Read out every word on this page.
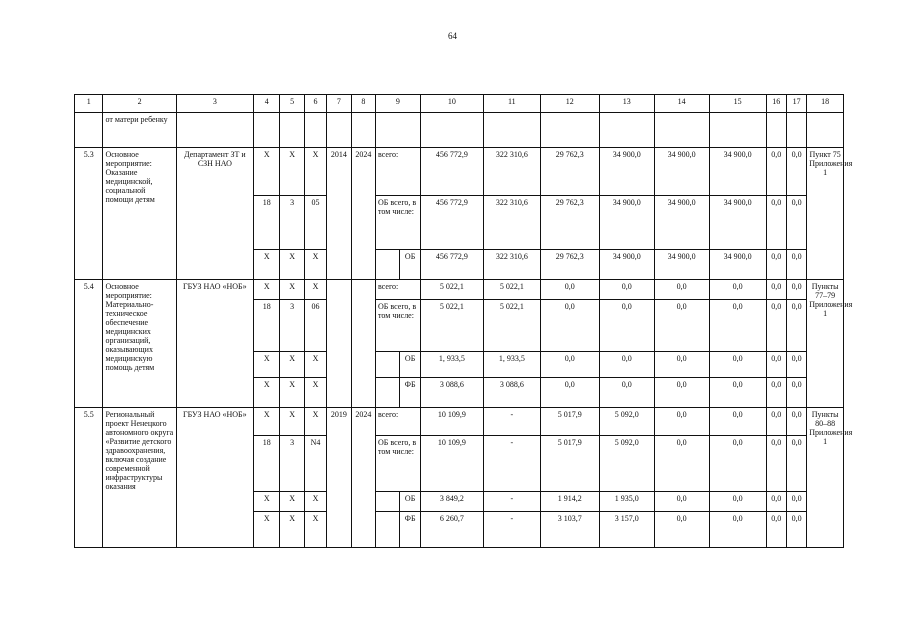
64
1	2	3	4	5	6	7	8	9		10	11	12	13	14	15	16	17	18
	от матери ребенку																	
5.3	Основное мероприятие: Оказание медицинской, социальной помощи детям	Департамент ЗТ и СЗН НАО	Х	Х	Х	2014	2024	всего:		456 772,9	322 310,6	29 762,3	34 900,0	34 900,0	34 900,0	0,0	0,0	Пункт 75 Приложения 1
			18	3	05			ОБ всего, в том числе:		456 772,9	322 310,6	29 762,3	34 900,0	34 900,0	34 900,0	0,0	0,0	
			Х	Х	Х				ОБ	456 772,9	322 310,6	29 762,3	34 900,0	34 900,0	34 900,0	0,0	0,0	
5.4	Основное мероприятие: Материально-техническое обеспечение медицинских организаций, оказывающих медицинскую помощь детям	ГБУЗ НАО «НОБ»	Х	Х	Х			всего:		5 022,1	5 022,1	0,0	0,0	0,0	0,0	0,0	0,0	Пункты 77–79 Приложения 1
			18	3	06			ОБ всего, в том числе:		5 022,1	5 022,1	0,0	0,0	0,0	0,0	0,0	0,0	
			Х	Х	Х				ОБ	1, 933,5	1, 933,5	0,0	0,0	0,0	0,0	0,0	0,0	
			Х	Х	Х				ФБ	3 088,6	3 088,6	0,0	0,0	0,0	0,0	0,0	0,0	
5.5	Региональный проект Ненецкого автономного округа «Развитие детского здравоохранения, включая создание современной инфраструктуры оказания	ГБУЗ НАО «НОБ»	Х	Х	Х	2019	2024	всего:		10 109,9	-	5 017,9	5 092,0	0,0	0,0	0,0	0,0	Пункты 80–88 Приложения 1
			18	3	N4			ОБ всего, в том числе:		10 109,9	-	5 017,9	5 092,0	0,0	0,0	0,0	0,0	
			Х	Х	Х				ОБ	3 849,2	-	1 914,2	1 935,0	0,0	0,0	0,0	0,0	
			Х	Х	Х				ФБ	6 260,7	-	3 103,7	3 157,0	0,0	0,0	0,0	0,0	
